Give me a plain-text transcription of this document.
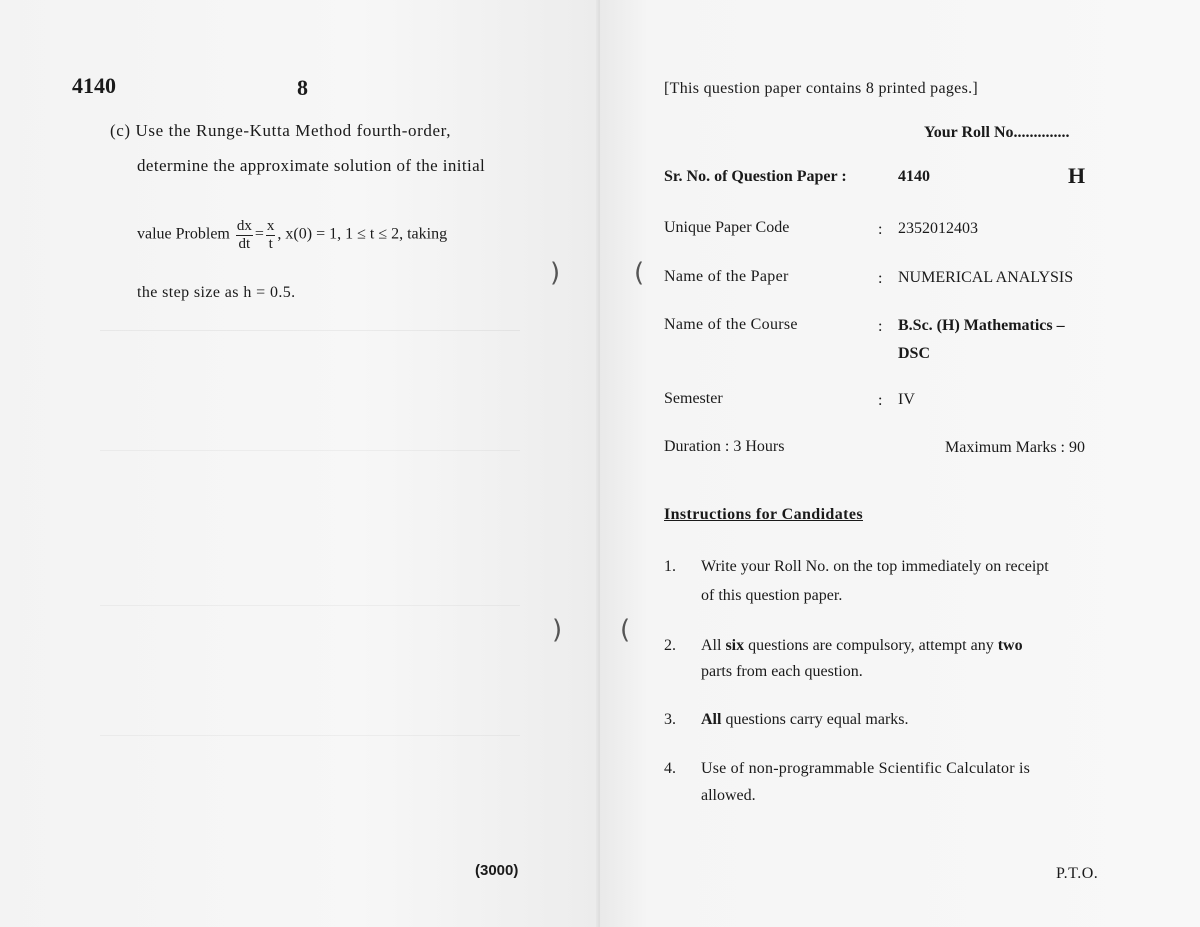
4140	8
(c) Use the Runge-Kutta Method fourth-order,
determine the approximate solution of the initial
value Problem $\frac{dx}{dt} = \frac{x}{t}$ , x(0) = 1, 1 ≤ t ≤ 2, taking
the step size as h = 0.5.
(3000)
)
)
[This question paper contains 8 printed pages.]
Your Roll No..............
Sr. No. of Question Paper :	4140	H
Unique Paper Code	: 2352012403
Name of the Paper	: NUMERICAL ANALYSIS
Name of the Course	: B.Sc. (H) Mathematics –
DSC
Semester	: IV
Duration : 3 Hours	Maximum Marks : 90
Instructions for Candidates
1. Write your Roll No. on the top immediately on receipt
of this question paper.
2. All six questions are compulsory, attempt any two
parts from each question.
3. All questions carry equal marks.
4. Use of non-programmable Scientific Calculator is
allowed.
P.T.O.
(
(
